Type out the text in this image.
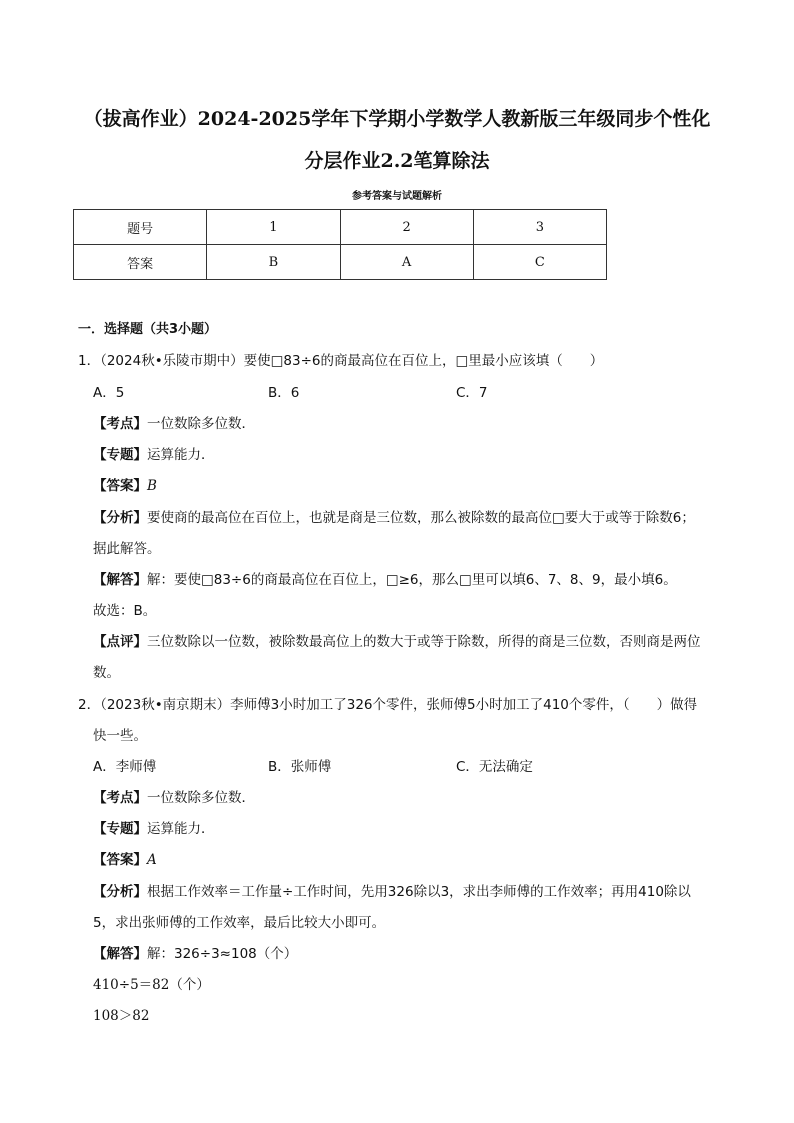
（拔高作业）2024-2025学年下学期小学数学人教新版三年级同步个性化
分层作业2.2笔算除法
参考答案与试题解析
题号	1	2	3
答案	B	A	C
一．选择题（共3小题）
1．（2024秋•乐陵市期中）要使□83÷6的商最高位在百位上，□里最小应该填（　　）
A．5	B．6	C．7
【考点】一位数除多位数．
【专题】运算能力．
【答案】B
【分析】要使商的最高位在百位上，也就是商是三位数，那么被除数的最高位□要大于或等于除数6；
据此解答。
【解答】解：要使□83÷6的商最高位在百位上，□≥6，那么□里可以填6、7、8、9，最小填6。
故选：B。
【点评】三位数除以一位数，被除数最高位上的数大于或等于除数，所得的商是三位数，否则商是两位
数。
2．（2023秋•南京期末）李师傅3小时加工了326个零件，张师傅5小时加工了410个零件，（　　）做得
快一些。
A．李师傅	B．张师傅	C．无法确定
【考点】一位数除多位数．
【专题】运算能力．
【答案】A
【分析】根据工作效率＝工作量÷工作时间，先用326除以3，求出李师傅的工作效率；再用410除以
5，求出张师傅的工作效率，最后比较大小即可。
【解答】解：326÷3≈108（个）
410÷5＝82（个）
108＞82
